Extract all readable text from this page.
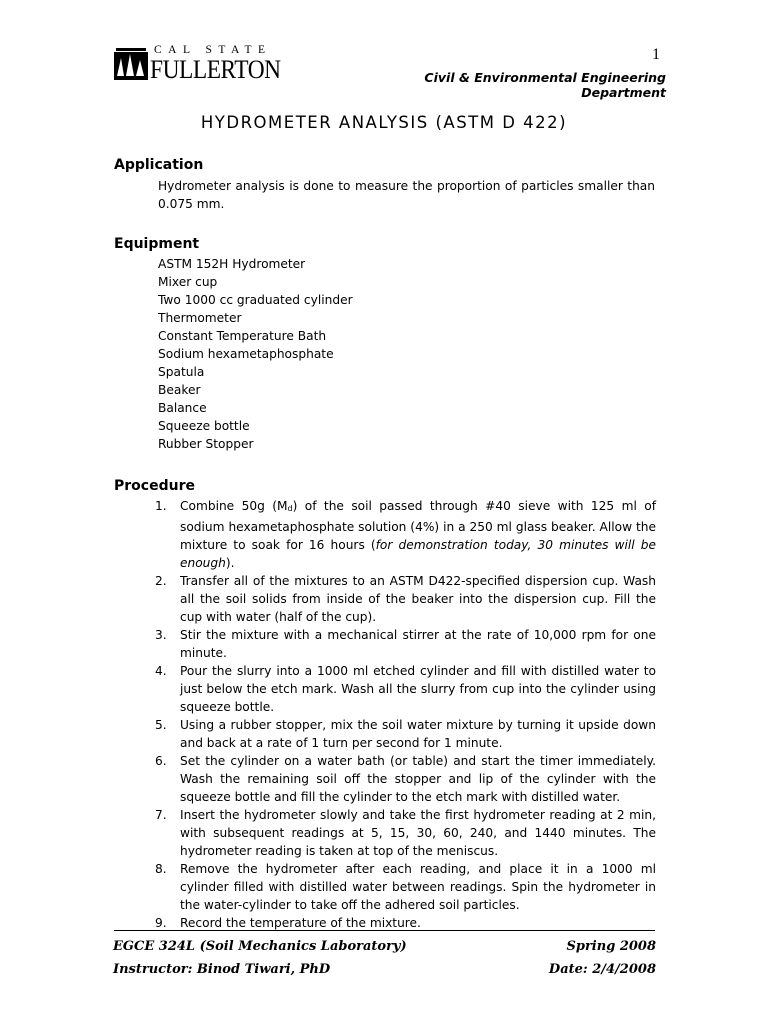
1
CAL STATE
FULLERTON	Civil & Environmental Engineering Department
HYDROMETER ANALYSIS (ASTM D 422)
Application
Hydrometer analysis is done to measure the proportion of particles smaller than 0.075 mm.
Equipment
ASTM 152H Hydrometer
Mixer cup
Two 1000 cc graduated cylinder
Thermometer
Constant Temperature Bath
Sodium hexametaphosphate
Spatula
Beaker
Balance
Squeeze bottle
Rubber Stopper
Procedure
1. Combine 50g $(M_d)$ of the soil passed through #40 sieve with 125 ml of sodium hexametaphosphate solution (4%) in a 250 ml glass beaker. Allow the mixture to soak for 16 hours (for demonstration today, 30 minutes will be enough).
2. Transfer all of the mixtures to an ASTM D422-specified dispersion cup. Wash all the soil solids from inside of the beaker into the dispersion cup. Fill the cup with water (half of the cup).
3. Stir the mixture with a mechanical stirrer at the rate of 10,000 rpm for one minute.
4. Pour the slurry into a 1000 ml etched cylinder and fill with distilled water to just below the etch mark. Wash all the slurry from cup into the cylinder using squeeze bottle.
5. Using a rubber stopper, mix the soil water mixture by turning it upside down and back at a rate of 1 turn per second for 1 minute.
6. Set the cylinder on a water bath (or table) and start the timer immediately. Wash the remaining soil off the stopper and lip of the cylinder with the squeeze bottle and fill the cylinder to the etch mark with distilled water.
7. Insert the hydrometer slowly and take the first hydrometer reading at 2 min, with subsequent readings at 5, 15, 30, 60, 240, and 1440 minutes. The hydrometer reading is taken at top of the meniscus.
8. Remove the hydrometer after each reading, and place it in a 1000 ml cylinder filled with distilled water between readings. Spin the hydrometer in the water-cylinder to take off the adhered soil particles.
9. Record the temperature of the mixture.
EGCE 324L (Soil Mechanics Laboratory)
Instructor: Binod Tiwari, PhD
Spring 2008
Date: 2/4/2008
